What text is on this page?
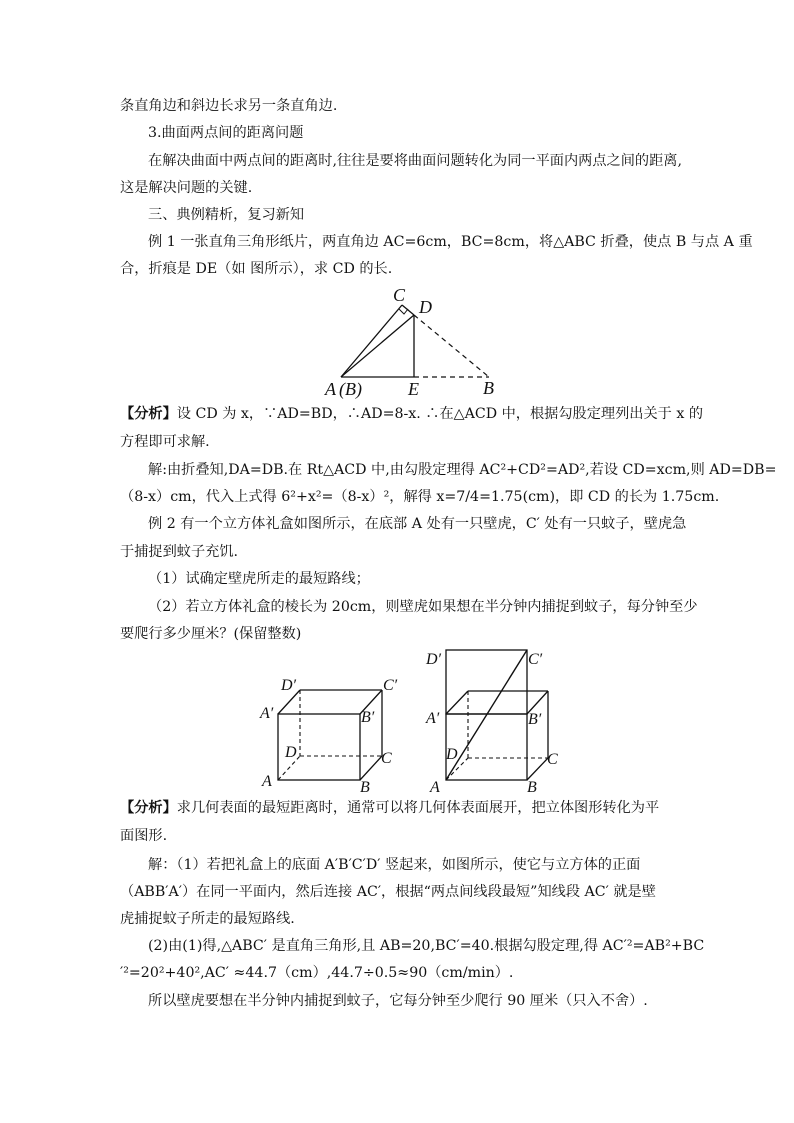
条直角边和斜边长求另一条直角边.
3.曲面两点间的距离问题
在解决曲面中两点间的距离时,往往是要将曲面问题转化为同一平面内两点之间的距离,
这是解决问题的关键.
三、典例精析，复习新知
例 1 一张直角三角形纸片，两直角边 AC=6cm，BC=8cm，将△ABC 折叠，使点 B 与点 A 重
合，折痕是 DE（如 图所示），求 CD 的长.
C
D
A (B)	E	B
【分析】设 CD 为 x，∵AD=BD，∴AD=8-x. ∴在△ACD 中，根据勾股定理列出关于 x 的
方程即可求解.
解:由折叠知,DA=DB.在 Rt△ACD 中,由勾股定理得 AC²+CD²=AD²,若设 CD=xcm,则 AD=DB=
（8-x）cm，代入上式得 6²+x²=（8-x）²，解得 x=7/4=1.75(cm)，即 CD 的长为 1.75cm.
例 2 有一个立方体礼盒如图所示，在底部 A 处有一只壁虎，C′ 处有一只蚊子，壁虎急
于捕捉到蚊子充饥.
（1）试确定壁虎所走的最短路线；
（2）若立方体礼盒的棱长为 20cm，则壁虎如果想在半分钟内捕捉到蚊子，每分钟至少
要爬行多少厘米？(保留整数)
D′	C′
A′	B′
D	C
A	B
D′	C′
A′	B′
D	C
A	B
【分析】求几何表面的最短距离时，通常可以将几何体表面展开，把立体图形转化为平
面图形.
解：（1）若把礼盒上的底面 A′B′C′D′ 竖起来，如图所示，使它与立方体的正面
（ABB′A′）在同一平面内，然后连接 AC′，根据“两点间线段最短”知线段 AC′ 就是壁
虎捕捉蚊子所走的最短路线.
(2)由(1)得,△ABC′ 是直角三角形,且 AB=20,BC′=40.根据勾股定理,得 AC′²=AB²+BC
′²=20²+40²,AC′ ≈44.7（cm）,44.7÷0.5≈90（cm/min）.
所以壁虎要想在半分钟内捕捉到蚊子，它每分钟至少爬行 90 厘米（只入不舍）.
